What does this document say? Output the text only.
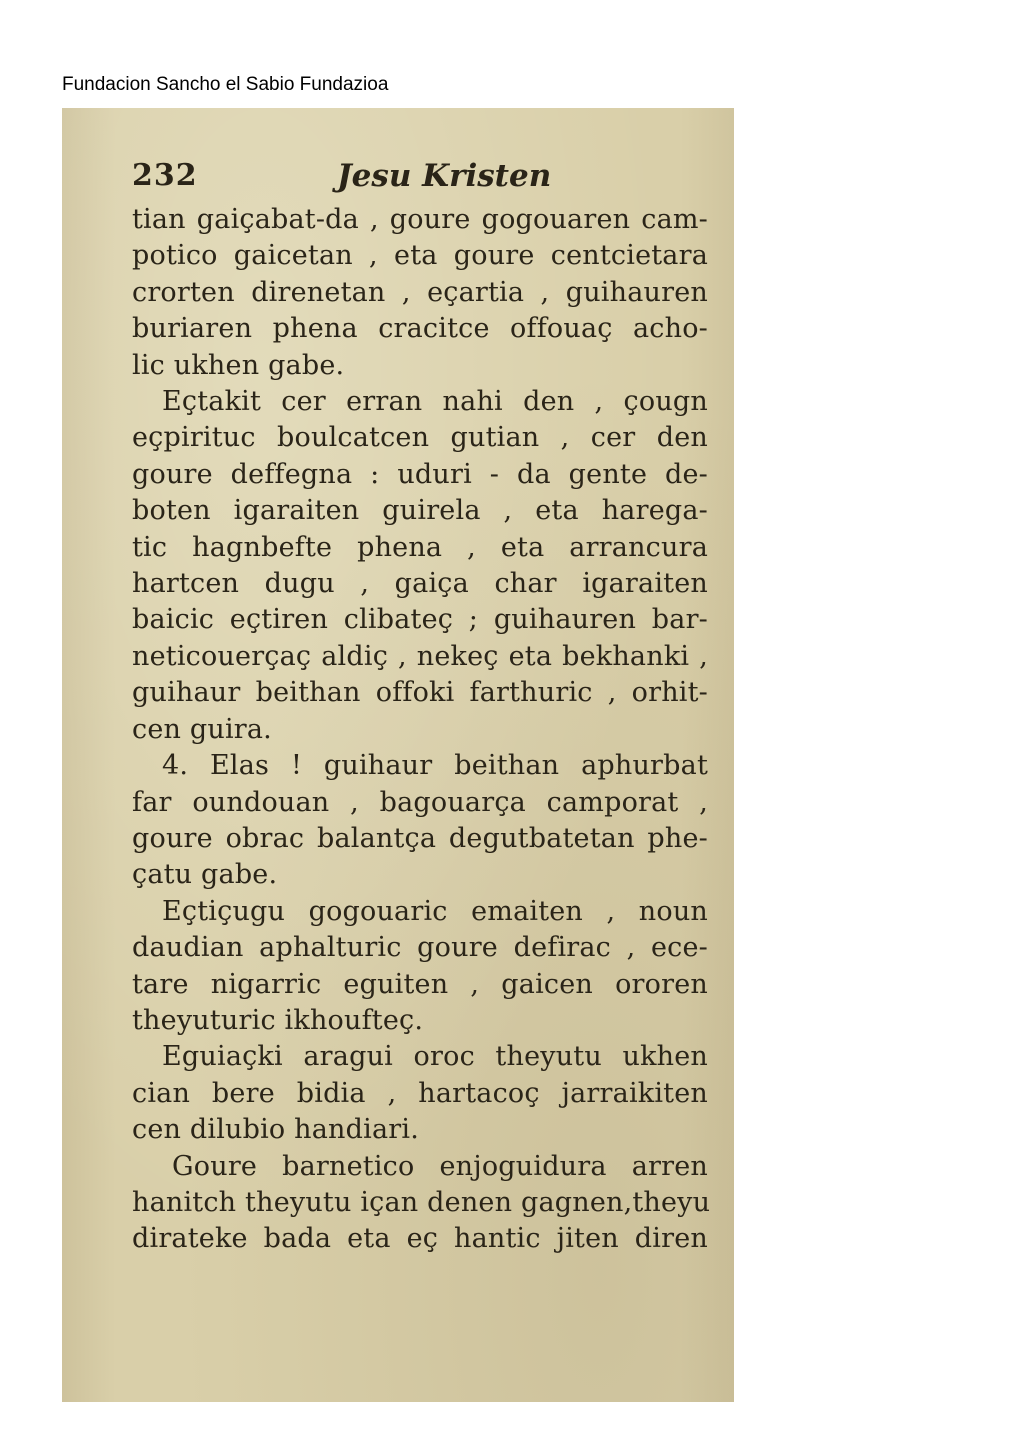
Fundacion Sancho el Sabio Fundazioa
232	Jesu Kristen
tian gaiçabat-da , goure gogouaren cam-
potico gaicetan , eta goure centcietara
crorten direnetan , eçartia , guihauren
buriaren phena cracitce offouaç acho-
lic ukhen gabe.
Eçtakit cer erran nahi den , çougn
eçpirituc boulcatcen gutian , cer den
goure deffegna : uduri - da gente de-
boten igaraiten guirela , eta harega-
tic hagnbefte phena , eta arrancura
hartcen dugu , gaiça char igaraiten
baicic eçtiren clibateç ; guihauren bar-
neticouerçaç aldiç , nekeç eta bekhanki ,
guihaur beithan offoki farthuric , orhit-
cen guira.
4. Elas ! guihaur beithan aphurbat
far oundouan , bagouarça camporat ,
goure obrac balantça degutbatetan phe-
çatu gabe.
Eçtiçugu gogouaric emaiten , noun
daudian aphalturic goure defirac , ece-
tare nigarric eguiten , gaicen ororen
theyuturic ikhoufteç.
Eguiaçki aragui oroc theyutu ukhen
cian bere bidia , hartacoç jarraikiten
cen dilubio handiari.
Goure barnetico enjoguidura arren
hanitch theyutu içan denen gagnen,theyu
dirateke bada eta eç hantic jiten diren
